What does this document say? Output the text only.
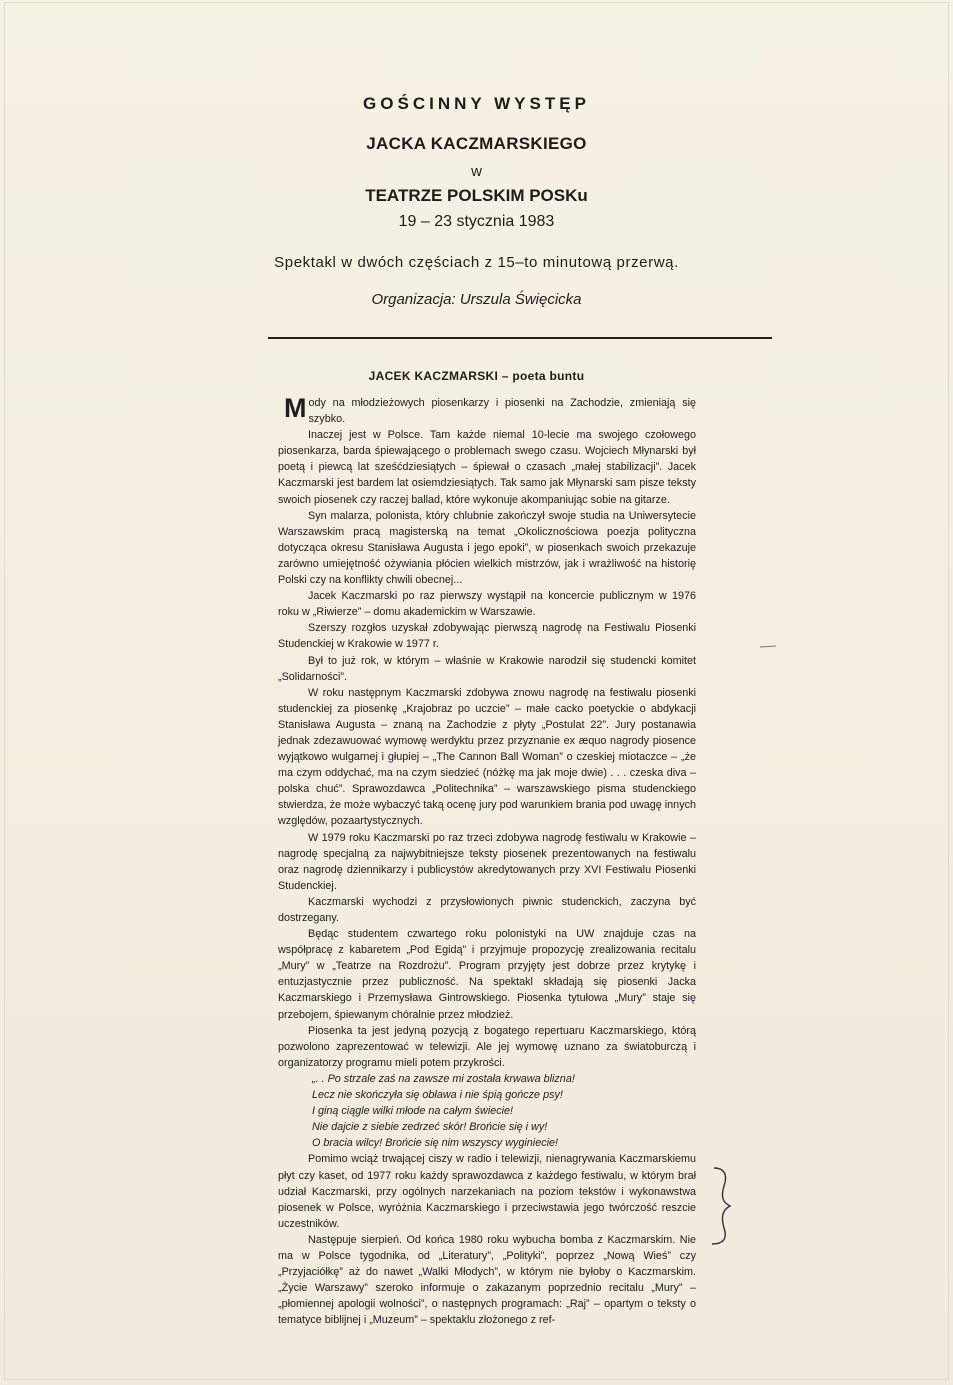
GOŚCINNY WYSTĘP
JACKA KACZMARSKIEGO
w
TEATRZE POLSKIM POSKu
19 – 23 stycznia 1983
Spektakl w dwóch częściach z 15–to minutową przerwą.
Organizacja: Urszula Święcicka
JACEK KACZMARSKI – poeta buntu

Mody na młodzieżowych piosenkarzy i piosenki na Zachodzie, zmieniają się szybko.

Inaczej jest w Polsce. Tam każde niemal 10-lecie ma swojego czołowego piosenkarza, barda śpiewającego o problemach swego czasu. Wojciech Młynarski był poetą i piewcą lat sześćdziesiątych – śpiewał o czasach „małej stabilizacji”. Jacek Kaczmarski jest bardem lat osiemdziesiątych. Tak samo jak Młynarski sam pisze teksty swoich piosenek czy raczej ballad, które wykonuje akompaniując sobie na gitarze.

Syn malarza, polonista, który chlubnie zakończył swoje studia na Uniwersytecie Warszawskim pracą magisterską na temat „Okolicznościowa poezja polityczna dotycząca okresu Stanisława Augusta i jego epoki”, w piosenkach swoich przekazuje zarówno umiejętność ożywiania płócien wielkich mistrzów, jak i wrażliwość na historię Polski czy na konflikty chwili obecnej...

Jacek Kaczmarski po raz pierwszy wystąpił na koncercie publicznym w 1976 roku w „Riwierze” – domu akademickim w Warszawie.

Szerszy rozgłos uzyskał zdobywając pierwszą nagrodę na Festiwalu Piosenki Studenckiej w Krakowie w 1977 r.

Był to już rok, w którym – właśnie w Krakowie narodził się studencki komitet „Solidarności”.

W roku następnym Kaczmarski zdobywa znowu nagrodę na festiwalu piosenki studenckiej za piosenkę „Krajobraz po uczcie” – małe cacko poetyckie o abdykacji Stanisława Augusta – znaną na Zachodzie z płyty „Postulat 22”. Jury postanawia jednak zdezawuować wymowę werdyktu przez przyznanie ex æquo nagrody piosence wyjątkowo wulgarnej i głupiej – „The Cannon Ball Woman” o czeskiej miotaczce – „że ma czym oddychać, ma na czym siedzieć (nóżkę ma jak moje dwie) . . . czeska diva – polska chuć”. Sprawozdawca „Politechnika” – warszawskiego pisma studenckiego stwierdza, że może wybaczyć taką ocenę jury pod warunkiem brania pod uwagę innych względów, pozaartystycznych.

W 1979 roku Kaczmarski po raz trzeci zdobywa nagrodę festiwalu w Krakowie – nagrodę specjalną za najwybitniejsze teksty piosenek prezentowanych na festiwalu oraz nagrodę dziennikarzy i publicystów akredytowanych przy XVI Festiwalu Piosenki Studenckiej.

Kaczmarski wychodzi z przysłowionych piwnic studenckich, zaczyna być dostrzegany.

Będąc studentem czwartego roku polonistyki na UW znajduje czas na współpracę z kabaretem „Pod Egidą” i przyjmuje propozycję zrealizowania recitalu „Mury” w „Teatrze na Rozdrożu”. Program przyjęty jest dobrze przez krytykę i entuzjastycznie przez publiczność. Na spektakl składają się piosenki Jacka Kaczmarskiego i Przemysława Gintrowskiego. Piosenka tytułowa „Mury” staje się przebojem, śpiewanym chóralnie przez młodzież.

Piosenka ta jest jedyną pozycją z bogatego repertuaru Kaczmarskiego, którą pozwolono zaprezentować w telewizji. Ale jej wymowę uznano za światoburczą i organizatorzy programu mieli potem przykrości.

„. . Po strzale zaś na zawsze mi została krwawa blizna!
Lecz nie skończyła się obława i nie śpią gończe psy!
I giną ciągle wilki młode na całym świecie!
Nie dajcie z siebie zedrzeć skór! Brońcie się i wy!
O bracia wilcy! Brońcie się nim wszyscy wyginiecie!

Pomimo wciąż trwającej ciszy w radio i telewizji, nienagrywania Kaczmarskiemu płyt czy kaset, od 1977 roku każdy sprawozdawca z każdego festiwalu, w którym brał udział Kaczmarski, przy ogólnych narzekaniach na poziom tekstów i wykonawstwa piosenek w Polsce, wyróżnia Kaczmarskiego i przeciwstawia jego twórczość reszcie uczestników.

Następuje sierpień. Od końca 1980 roku wybucha bomba z Kaczmarskim. Nie ma w Polsce tygodnika, od „Literatury”, „Polityki”, poprzez „Nową Wieś” czy „Przyjaciółkę” aż do nawet „Walki Młodych”, w którym nie byłoby o Kaczmarskim. „Życie Warszawy” szeroko informuje o zakazanym poprzednio recitalu „Mury” – „płomiennej apologii wolności”, o następnych programach: „Raj” – opartym o teksty o tematyce biblijnej i „Muzeum” – spektaklu złożonego z ref-
